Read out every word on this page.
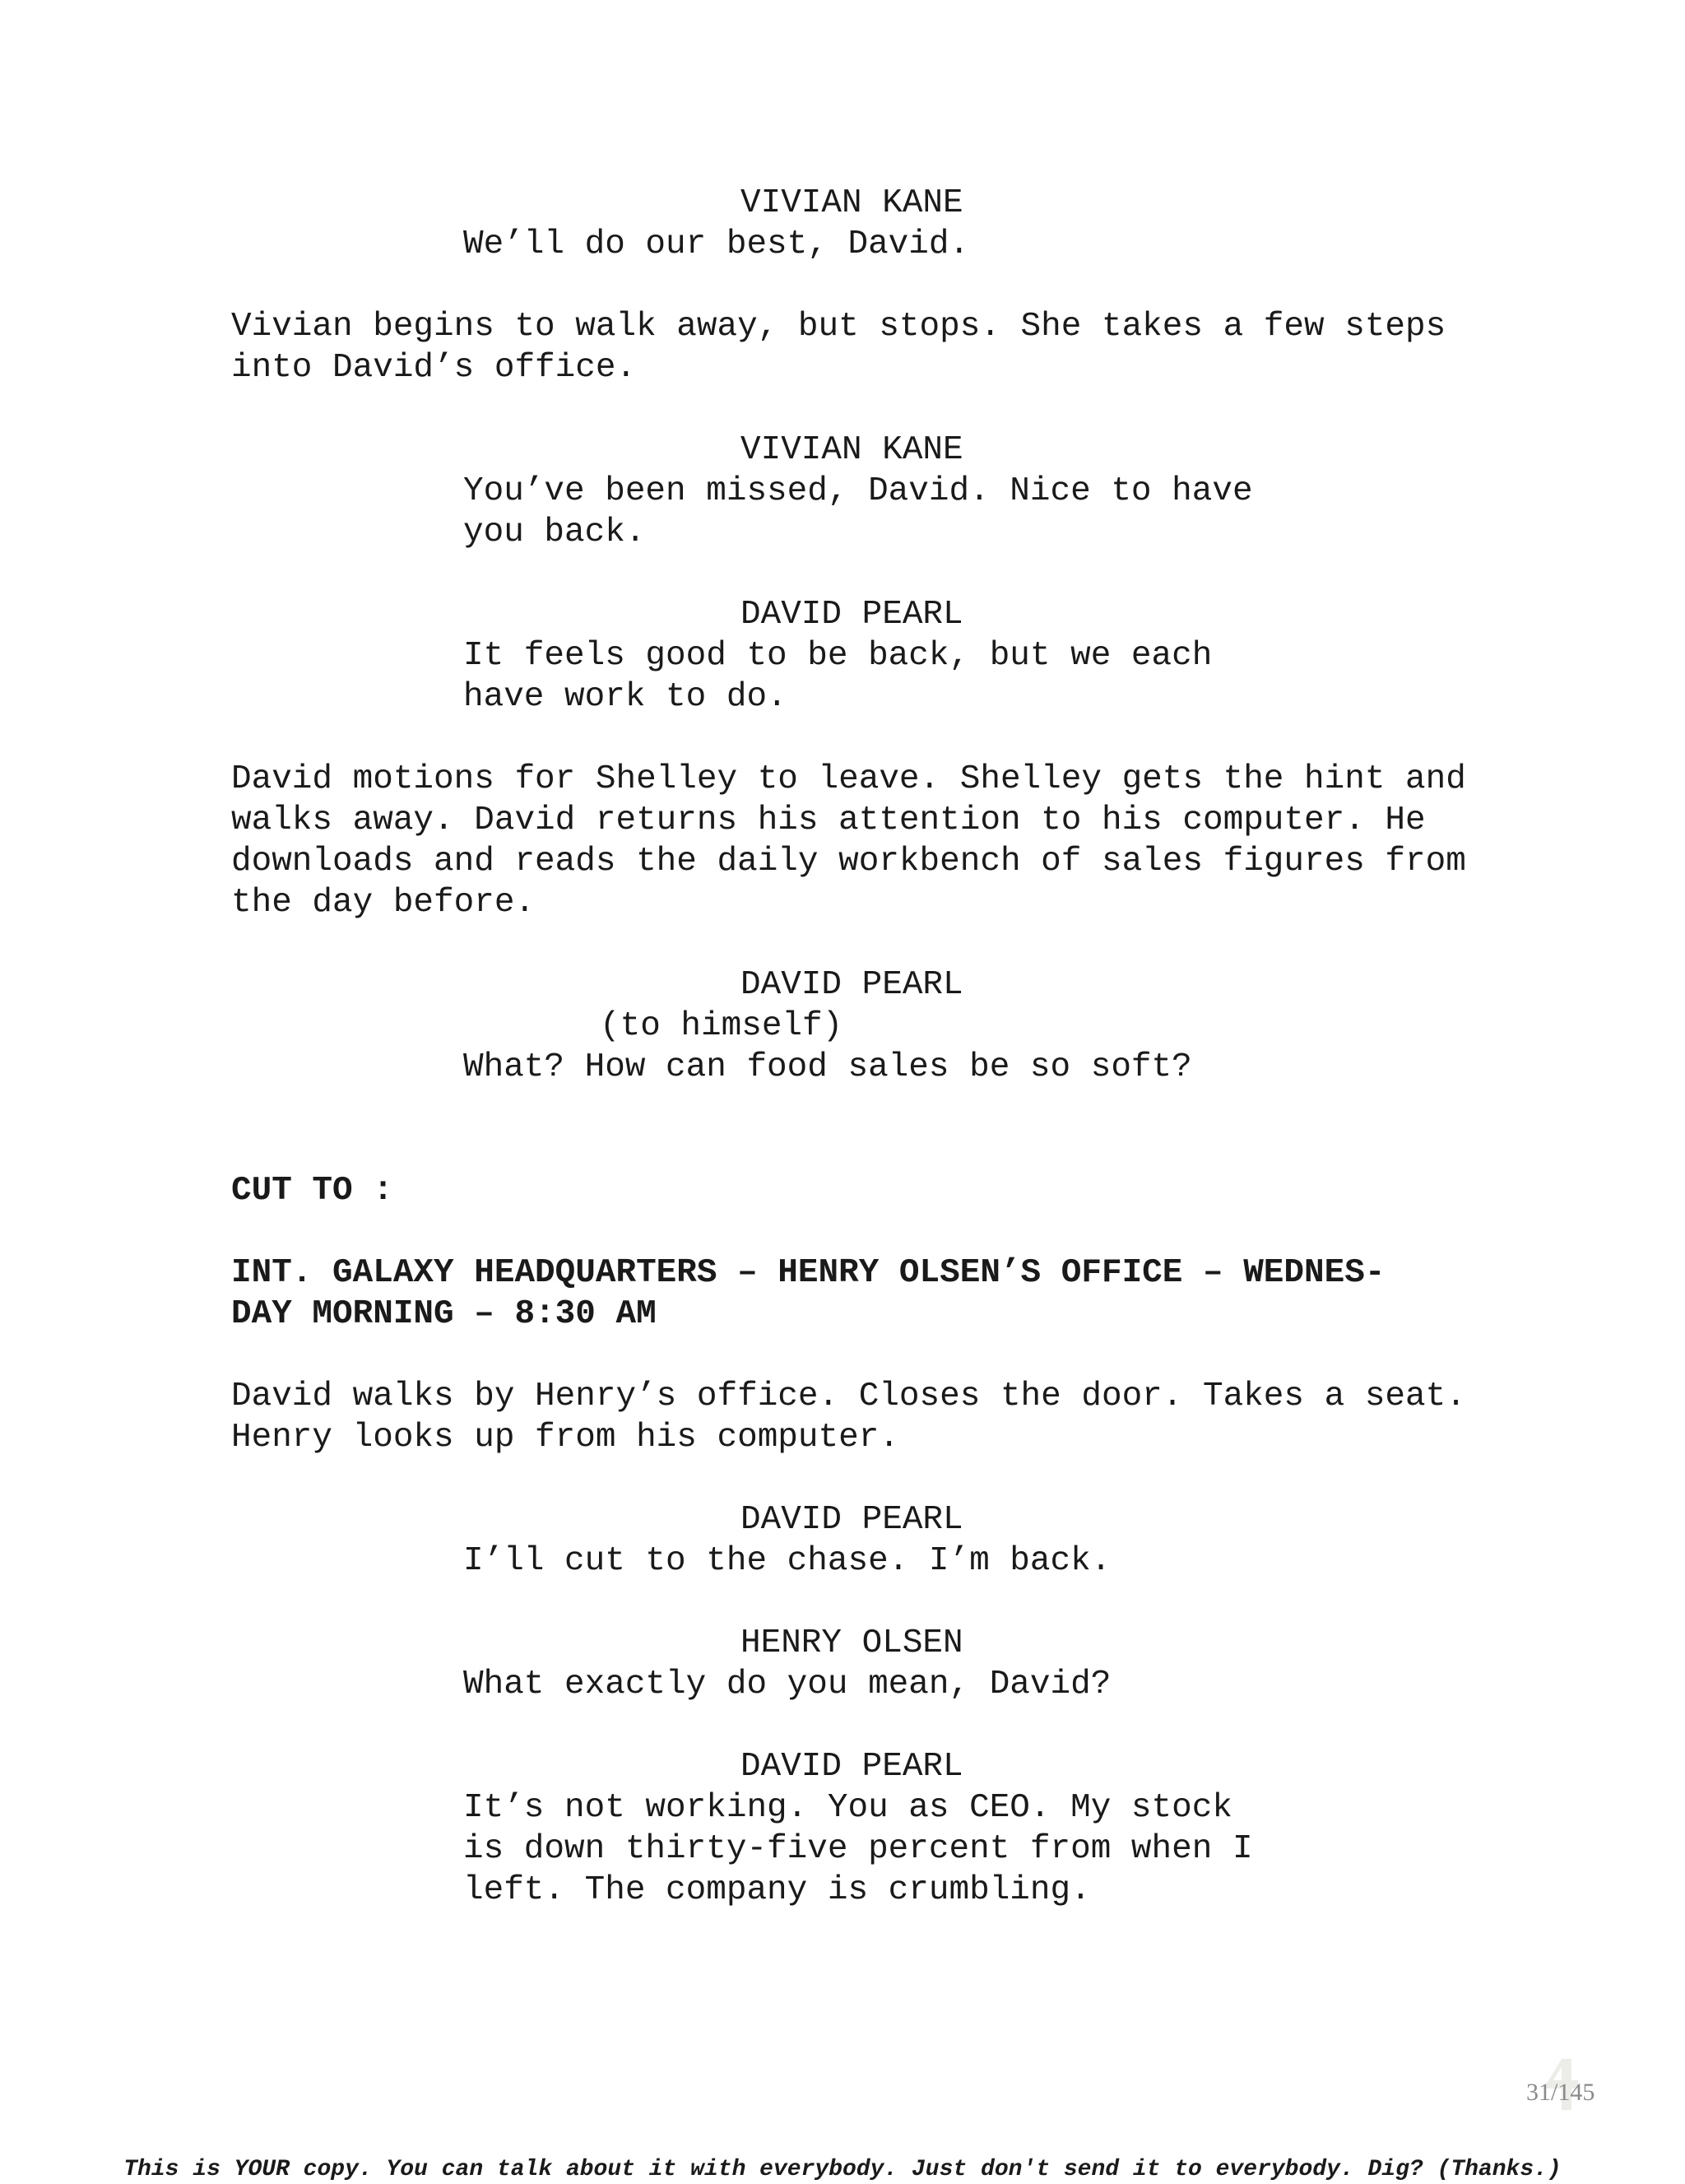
VIVIAN KANE

We’ll do our best, David.

Vivian begins to walk away, but stops. She takes a few steps

into David’s office.

VIVIAN KANE

You’ve been missed, David. Nice to have

you back.

DAVID PEARL

It feels good to be back, but we each

have work to do.

David motions for Shelley to leave. Shelley gets the hint and

walks away. David returns his attention to his computer. He

downloads and reads the daily workbench of sales figures from

the day before.

DAVID PEARL

(to himself)

What? How can food sales be so soft?

CUT TO :

INT. GALAXY HEADQUARTERS – HENRY OLSEN’S OFFICE – WEDNES-

DAY MORNING – 8:30 AM

David walks by Henry’s office. Closes the door. Takes a seat.

Henry looks up from his computer.

DAVID PEARL

I’ll cut to the chase. I’m back.

HENRY OLSEN

What exactly do you mean, David?

DAVID PEARL

It’s not working. You as CEO. My stock

is down thirty-five percent from when I

left. The company is crumbling.

31/145
This is YOUR copy. You can talk about it with everybody. Just don't send it to everybody. Dig? (Thanks.)
